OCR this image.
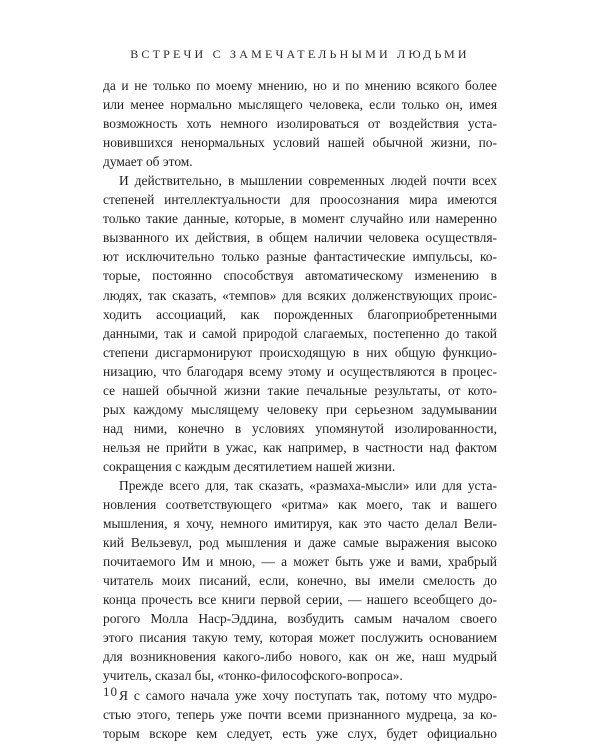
ВСТРЕЧИ С ЗАМЕЧАТЕЛЬНЫМИ ЛЮДЬМИ
да и не только по моему мнению, но и по мнению всякого более
или менее нормально мыслящего человека, если только он, имея
возможность хоть немного изолироваться от воздействия уста-
новившихся ненормальных условий нашей обычной жизни, по-
думает об этом.
И действительно, в мышлении современных людей почти всех
степеней интеллектуальности для проосознания мира имеются
только такие данные, которые, в момент случайно или намеренно
вызванного их действия, в общем наличии человека осуществля-
ют исключительно только разные фантастические импульсы, ко-
торые, постоянно способствуя автоматическому изменению в
людях, так сказать, «темпов» для всяких долженствующих проис-
ходить ассоциаций, как порожденных благоприобретенными
данными, так и самой природой слагаемых, постепенно до такой
степени дисгармонируют происходящую в них общую функцио-
низацию, что благодаря всему этому и осуществляются в процес-
се нашей обычной жизни такие печальные результаты, от кото-
рых каждому мыслящему человеку при серьезном задумывании
над ними, конечно в условиях упомянутой изолированности,
нельзя не прийти в ужас, как например, в частности над фактом
сокращения с каждым десятилетием нашей жизни.
Прежде всего для, так сказать, «размаха-мысли» или для уста-
новления соответствующего «ритма» как моего, так и вашего
мышления, я хочу, немного имитируя, как это часто делал Вели-
кий Вельзевул, род мышления и даже самые выражения высоко
почитаемого Им и мною, — а может быть уже и вами, храбрый
читатель моих писаний, если, конечно, вы имели смелость до
конца прочесть все книги первой серии, — нашего всеобщего до-
рогого Молла Наср-Эддина, возбудить самым началом своего
этого писания такую тему, которая может послужить основанием
для возникновения какого-либо нового, как он же, наш мудрый
учитель, сказал бы, «тонко-философского-вопроса».
Я с самого начала уже хочу поступать так, потому что мудро-
стью этого, теперь уже почти всеми признанного мудреца, за ко-
торым вскоре кем следует, есть уже слух, будет официально
10
